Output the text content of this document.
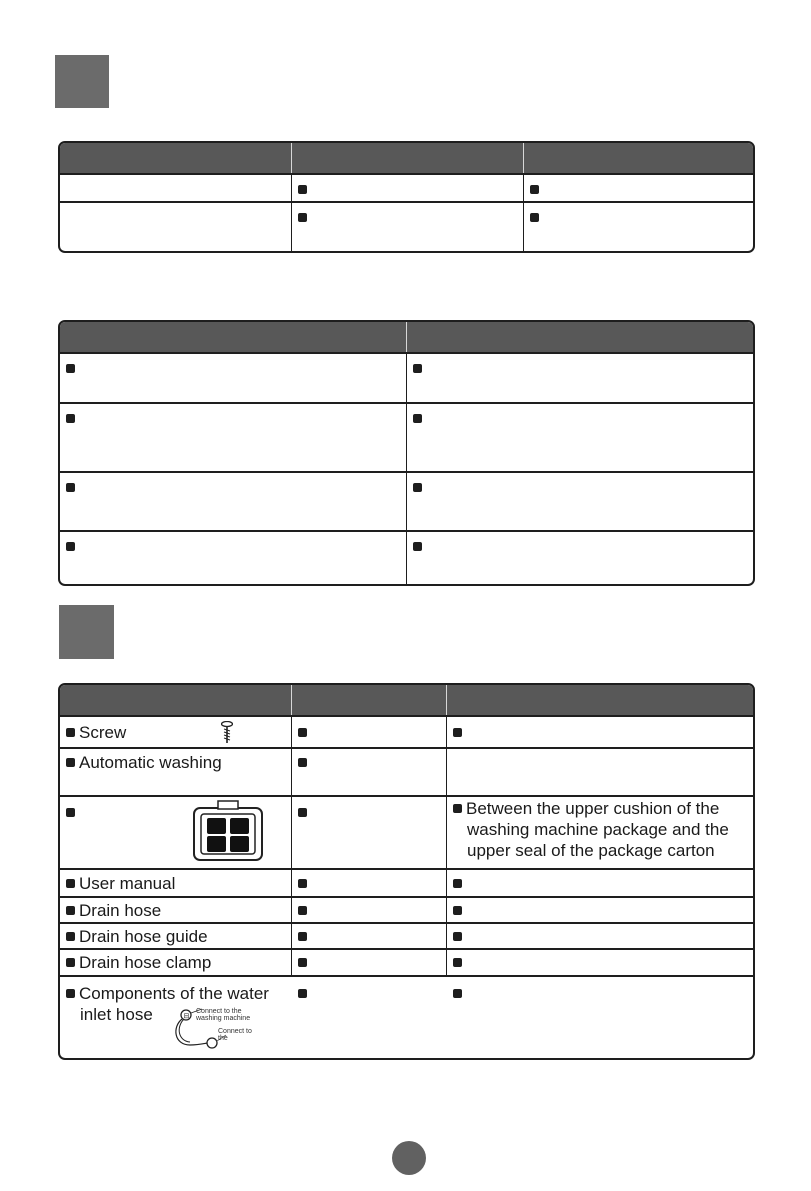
Screw
Automatic washing
Between the upper cushion of the washing machine package and the upper seal of the package carton
User manual
Drain hose
Drain hose guide
Drain hose clamp
Components of the water inlet hose	⊟
Connect to the washing machine
Connect to the
